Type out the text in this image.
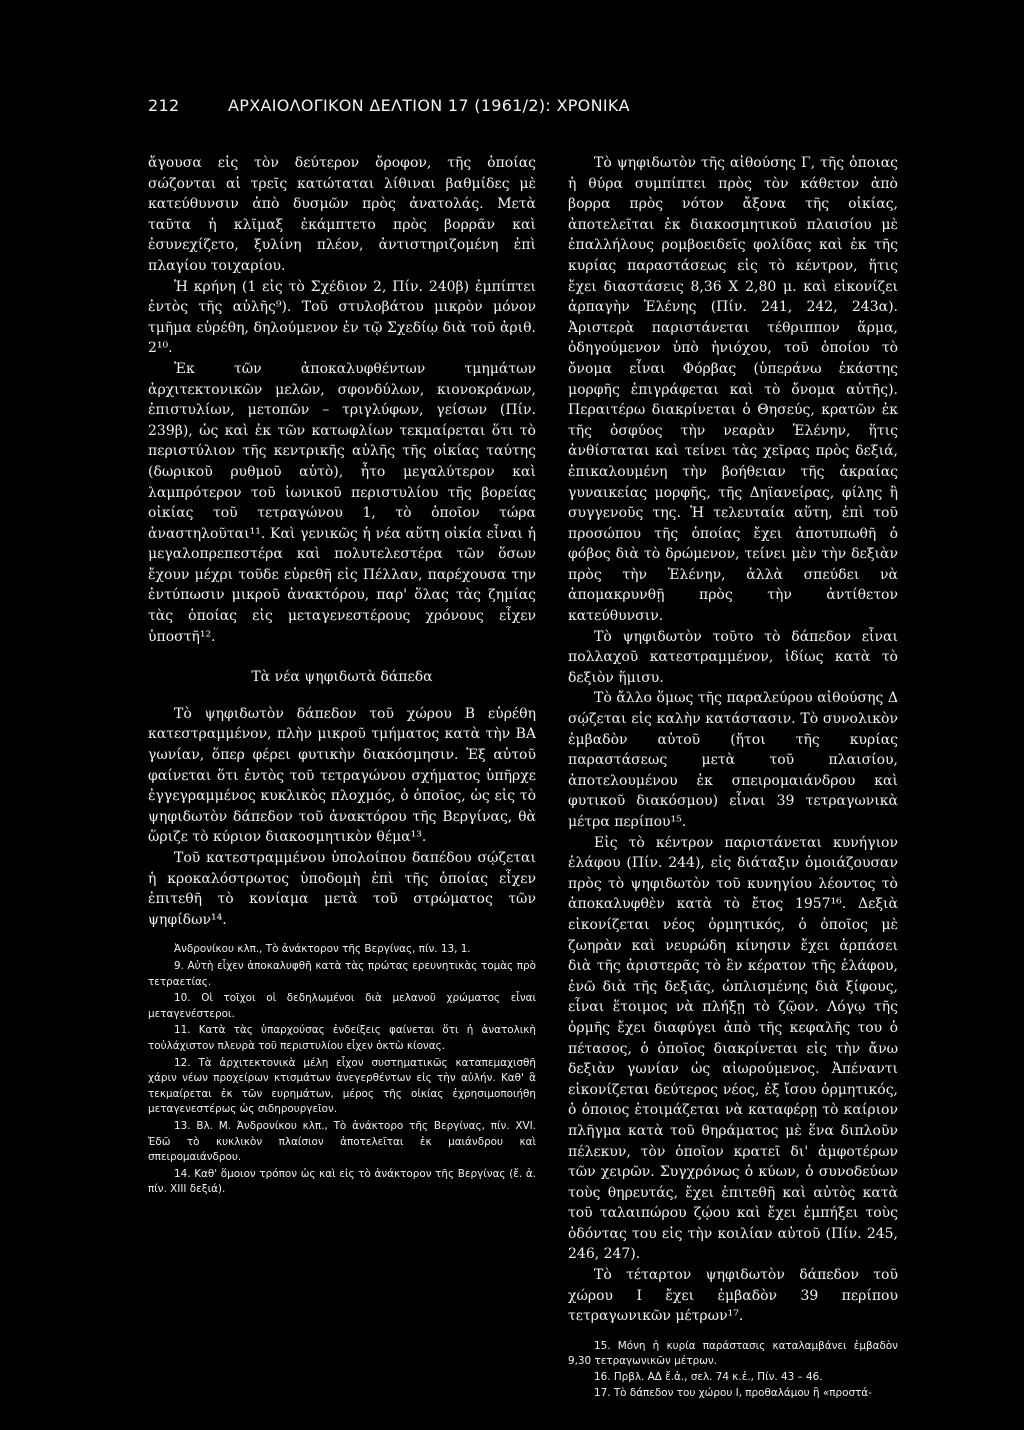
212	ΑΡΧΑΙΟΛΟΓΙΚΟΝ ΔΕΛΤΙΟΝ 17 (1961/2): ΧΡΟΝΙΚΑ

ἄγουσα εἰς τὸν δεύτερον ὄροφον, τῆς ὁποίας σώζονται αἱ τρεῖς κατώταται λίθιναι βαθμίδες μὲ κατεύθυνσιν ἀπὸ δυσμῶν πρὸς ἀνατολάς. Μετὰ ταῦτα ἡ κλῖμαξ ἐκάμπτετο πρὸς βορρᾶν καὶ ἐσυνεχίζετο, ξυλίνη πλέον, ἀντιστηριζομένη ἐπὶ πλαγίου τοιχαρίου.

Ἡ κρήνη (1 εἰς τὸ Σχέδιον 2, Πίν. 240β) ἐμπίπτει ἐντὸς τῆς αὐλῆς⁹). Τοῦ στυλοβάτου μικρὸν μόνον τμῆμα εὑρέθη, δηλούμενον ἐν τῷ Σχεδίῳ διὰ τοῦ ἀριθ. 2¹⁰.

Ἐκ τῶν ἀποκαλυφθέντων τμημάτων ἀρχιτεκτονικῶν μελῶν, σφονδύλων, κιονοκράνων, ἐπιστυλίων, μετοπῶν – τριγλύφων, γείσων (Πίν. 239β), ὡς καὶ ἐκ τῶν κατωφλίων τεκμαίρεται ὅτι τὸ περιστύλιον τῆς κεντρικῆς αὐλῆς τῆς οἰκίας ταύτης (δωρικοῦ ρυθμοῦ αὐτὸ), ἦτο μεγαλύτερον καὶ λαμπρότερον τοῦ ἰωνικοῦ περιστυλίου τῆς βορείας οἰκίας τοῦ τετραγώνου 1, τὸ ὁποῖον τώρα ἀναστηλοῦται¹¹. Καὶ γενικῶς ἡ νέα αὕτη οἰκία εἶναι ἡ μεγαλοπρεπεστέρα καὶ πολυτελεστέρα τῶν ὅσων ἔχουν μέχρι τοῦδε εὑρεθῆ εἰς Πέλλαν, παρέχουσα την ἐντύπωσιν μικροῦ ἀνακτόρου, παρ' ὅλας τὰς ζημίας τὰς ὁποίας εἰς μεταγενεστέρους χρόνους εἶχεν ὑποστῆ¹².

Τὰ νέα ψηφιδωτὰ δάπεδα

Τὸ ψηφιδωτὸν δάπεδον τοῦ χώρου Β εὑρέθη κατεστραμμένον, πλὴν μικροῦ τμήματος κατὰ τὴν ΒΑ γωνίαν, ὅπερ φέρει φυτικὴν διακόσμησιν. Ἐξ αὐτοῦ φαίνεται ὅτι ἐντὸς τοῦ τετραγώνου σχήματος ὑπῆρχε ἐγγεγραμμένος κυκλικὸς πλοχμός, ὁ ὁποῖος, ὡς εἰς τὸ ψηφιδωτὸν δάπεδον τοῦ ἀνακτόρου τῆς Βεργίνας, θὰ ὥριζε τὸ κύριον διακοσμητικὸν θέμα¹³.

Τοῦ κατεστραμμένου ὑπολοίπου δαπέδου σῴζεται ἡ κροκαλόστρωτος ὑποδομὴ ἐπὶ τῆς ὁποίας εἶχεν ἐπιτεθῆ τὸ κονίαμα μετὰ τοῦ στρώματος τῶν ψηφίδων¹⁴.

Ἀνδρονίκου κλπ., Τὸ ἀνάκτορον τῆς Βεργίνας, πίν. 13, 1.
9. Αὐτὴ εἶχεν ἀποκαλυφθῆ κατὰ τὰς πρώτας ερευνητικὰς τομὰς πρὸ τετραετίας.
10. Οἱ τοῖχοι οἱ δεδηλωμένοι διὰ μελανοῦ χρώματος εἶναι μεταγενέστεροι.
11. Κατὰ τὰς ὑπαρχούσας ἐνδείξεις φαίνεται ὅτι ἡ ἀνατολικὴ τοὐλάχιστον πλευρὰ τοῦ περιστυλίου εἶχεν ὀκτὼ κίονας.
12. Τὰ ἀρχιτεκτονικὰ μέλη εἶχον συστηματικῶς καταπεμαχισθῆ χάριν νέων προχείρων κτισμάτων ἀνεγερθέντων εἰς τὴν αὐλήν. Καθ' ἃ τεκμαίρεται ἐκ τῶν ευρημάτων, μέρος τῆς οἰκίας ἐχρησιμοποιήθη μεταγενεστέρως ὡς σιδηρουργεῖον.
13. Βλ. Μ. Ἀνδρονίκου κλπ., Τὸ ἀνάκτορο τῆς Βεργίνας, πίν. XVI. Ἐδῶ τὸ κυκλικὸν πλαίσιον ἀποτελεῖται ἐκ μαιάνδρου καὶ σπειρομαιάνδρου.
14. Καθ' ὅμοιον τρόπον ὡς καὶ εἰς τὸ ἀνάκτορον τῆς Βεργίνας (ἔ. ἀ. πίν. XIII δεξιά).

Τὸ ψηφιδωτὸν τῆς αἰθούσης Γ, τῆς ὁποιας ἡ θύρα συμπίπτει πρὸς τὸν κάθετον ἀπὸ βορρα πρὸς νότον ἄξονα τῆς οἰκίας, ἀποτελεῖται ἐκ διακοσμητικοῦ πλαισίου μὲ ἐπαλλήλους ρομβοειδεῖς φολίδας καὶ ἐκ τῆς κυρίας παραστάσεως εἰς τὸ κέντρον, ἥτις ἔχει διαστάσεις 8,36 X 2,80 μ. καὶ εἰκονίζει ἁρπαγὴν Ἑλένης (Πίν. 241, 242, 243α). Ἀριστερὰ παριστάνεται τέθριππον ἅρμα, ὁδηγούμενον ὑπὸ ἡνιόχου, τοῦ ὁποίου τὸ ὄνομα εἶναι Φόρβας (ὑπεράνω ἑκάστης μορφῆς ἐπιγράφεται καὶ τὸ ὄνομα αὐτῆς). Περαιτέρω διακρίνεται ὁ Θησεύς, κρατῶν ἐκ τῆς ὀσφύος τὴν νεαρὰν Ἑλένην, ἥτις ἀνθίσταται καὶ τείνει τὰς χεῖρας πρὸς δεξιά, ἐπικαλουμένη τὴν βοήθειαν τῆς ἀκραίας γυναικείας μορφῆς, τῆς Δηϊανείρας, φίλης ἢ συγγενοῦς της. Ἡ τελευταία αὕτη, ἐπὶ τοῦ προσώπου τῆς ὁποίας ἔχει ἀποτυπωθῆ ὁ φόβος διὰ τὸ δρώμενον, τείνει μὲν τὴν δεξιὰν πρὸς τὴν Ἑλένην, ἀλλὰ σπεύδει νὰ ἀπομακρυνθῇ πρὸς τὴν ἀντίθετον κατεύθυνσιν.

Τὸ ψηφιδωτὸν τοῦτο τὸ δάπεδον εἶναι πολλαχοῦ κατεστραμμένον, ἰδίως κατὰ τὸ δεξιὸν ἥμισυ.

Τὸ ἄλλο ὅμως τῆς παραλεύρου αἰθούσης Δ σῴζεται εἰς καλὴν κατάστασιν. Τὸ συνολικὸν ἐμβαδὸν αὐτοῦ (ἤτοι τῆς κυρίας παραστάσεως μετὰ τοῦ πλαισίου, ἀποτελουμένου ἐκ σπειρομαιάνδρου καὶ φυτικοῦ διακόσμου) εἶναι 39 τετραγωνικὰ μέτρα περίπου¹⁵.

Εἰς τὸ κέντρον παριστάνεται κυνήγιον ἐλάφου (Πίν. 244), εἰς διάταξιν ὁμοιάζουσαν πρὸς τὸ ψηφιδωτὸν τοῦ κυνηγίου λέοντος τὸ ἀποκαλυφθὲν κατὰ τὸ ἔτος 1957¹⁶. Δεξιὰ εἰκονίζεται νέος ὁρμητικός, ὁ ὁποῖος μὲ ζωηρὰν καὶ νευρώδη κίνησιν ἔχει ἁρπάσει διὰ τῆς ἀριστερᾶς τὸ ἓν κέρατον τῆς ἐλάφου, ἐνῶ διὰ τῆς δεξιᾶς, ὡπλισμένης διὰ ξίφους, εἶναι ἕτοιμος νὰ πλήξῃ τὸ ζῷον. Λόγῳ τῆς ὁρμῆς ἔχει διαφύγει ἀπὸ τῆς κεφαλῆς του ὁ πέτασος, ὁ ὁποῖος διακρίνεται εἰς τὴν ἄνω δεξιὰν γωνίαν ὡς αἰωρούμενος. Ἀπέναντι εἰκονίζεται δεύτερος νέος, ἐξ ἴσου ὁρμητικός, ὁ ὁποιος ἑτοιμάζεται νὰ καταφέρῃ τὸ καίριον πλῆγμα κατὰ τοῦ θηράματος μὲ ἕνα διπλοῦν πέλεκυν, τὸν ὁποῖον κρατεῖ δι' ἀμφοτέρων τῶν χειρῶν. Συγχρόνως ὁ κύων, ὁ συνοδεύων τοὺς θηρευτάς, ἔχει ἐπιτεθῆ καὶ αὐτὸς κατὰ τοῦ ταλαιπώρου ζῴου καὶ ἔχει ἐμπήξει τοὺς ὀδόντας του εἰς τὴν κοιλίαν αὐτοῦ (Πίν. 245, 246, 247).

Τὸ τέταρτον ψηφιδωτὸν δάπεδον τοῦ χώρου Ι ἔχει ἐμβαδὸν 39 περίπου τετραγωνικῶν μέτρων¹⁷.

15. Μόνη ἡ κυρία παράστασις καταλαμβάνει ἐμβαδὸν 9,30 τετραγωνικῶν μέτρων.
16. Πρβλ. ΑΔ ἔ.ἀ., σελ. 74 κ.ἑ., Πίν. 43 – 46.
17. Τὸ δάπεδον του χώρου I, προθαλάμου ἢ «προστά-
